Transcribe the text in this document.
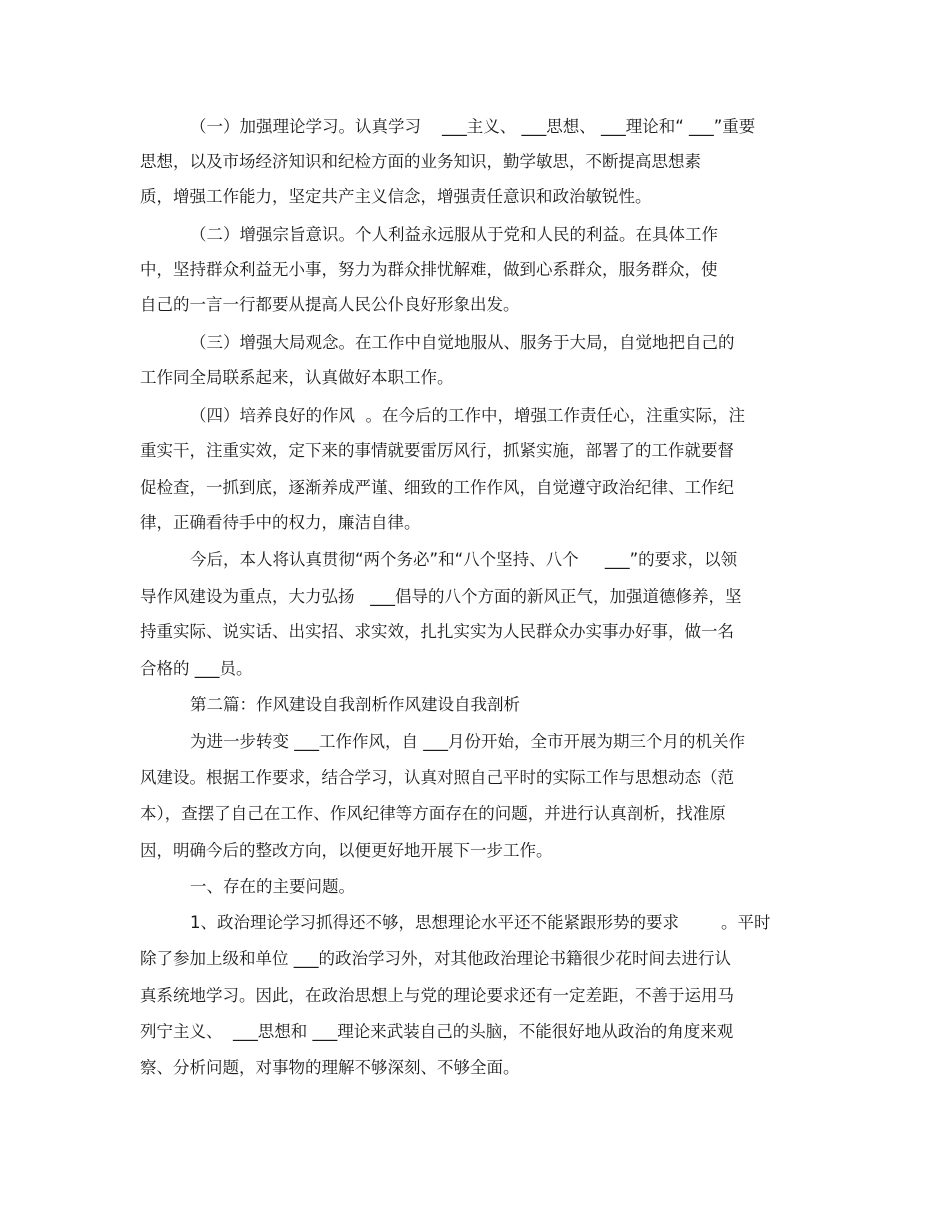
（一）加强理论学习。认真学习    ___主义、 ___思想、 ___理论和“ ___”重要
思想，以及市场经济知识和纪检方面的业务知识，勤学敏思，不断提高思想素
质，增强工作能力，坚定共产主义信念，增强责任意识和政治敏锐性。
（二）增强宗旨意识。个人利益永远服从于党和人民的利益。在具体工作
中，坚持群众利益无小事，努力为群众排忧解难，做到心系群众，服务群众，使
自己的一言一行都要从提高人民公仆良好形象出发。
（三）增强大局观念。在工作中自觉地服从、服务于大局，自觉地把自己的
工作同全局联系起来，认真做好本职工作。
（四）培养良好的作风  。在今后的工作中，增强工作责任心，注重实际，注
重实干，注重实效，定下来的事情就要雷厉风行，抓紧实施，部署了的工作就要督
促检查，一抓到底，逐渐养成严谨、细致的工作作风，自觉遵守政治纪律、工作纪
律，正确看待手中的权力，廉洁自律。
今后，本人将认真贯彻“两个务必”和“八个坚持、八个     ___”的要求，以领
导作风建设为重点，大力弘扬   ___倡导的八个方面的新风正气，加强道德修养，坚
持重实际、说实话、出实招、求实效，扎扎实实为人民群众办实事办好事，做一名
合格的 ___员。
第二篇：作风建设自我剖析作风建设自我剖析
为进一步转变 ___工作作风，自 ___月份开始，全市开展为期三个月的机关作
风建设。根据工作要求，结合学习，认真对照自己平时的实际工作与思想动态（范
本），查摆了自己在工作、作风纪律等方面存在的问题，并进行认真剖析，找准原
因，明确今后的整改方向，以便更好地开展下一步工作。
一、存在的主要问题。
1、政治理论学习抓得还不够，思想理论水平还不能紧跟形势的要求        。平时
除了参加上级和单位 ___的政治学习外，对其他政治理论书籍很少花时间去进行认
真系统地学习。因此，在政治思想上与党的理论要求还有一定差距，不善于运用马
列宁主义、  ___思想和 ___理论来武装自己的头脑，不能很好地从政治的角度来观
察、分析问题，对事物的理解不够深刻、不够全面。
